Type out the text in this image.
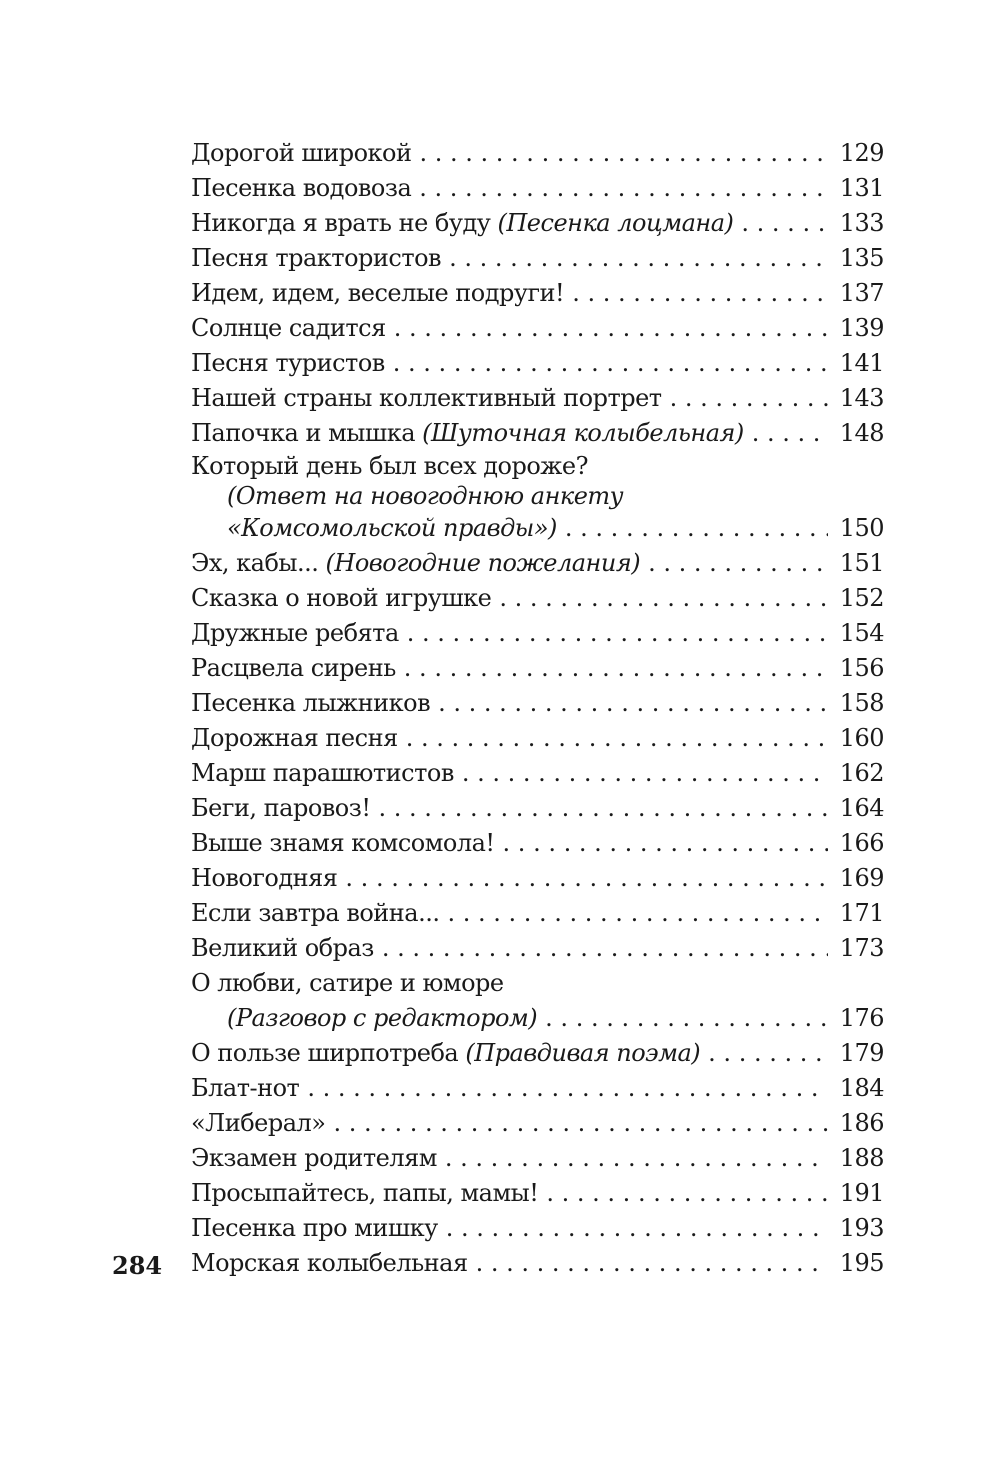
Дорогой широкой . . .	129
Песенка водовоза . . .	131
Никогда я врать не буду (Песенка лоцмана) . . .	133
Песня трактористов . . .	135
Идем, идем, веселые подруги! . . .	137
Солнце садится . . .	139
Песня туристов . . .	141
Нашей страны коллективный портрет . . .	143
Папочка и мышка (Шуточная колыбельная) . . .	148
Который день был всех дороже?
(Ответ на новогоднюю анкету
«Комсомольской правды») . . .	150
Эх, кабы... (Новогодние пожелания) . . .	151
Сказка о новой игрушке . . .	152
Дружные ребята . . .	154
Расцвела сирень . . .	156
Песенка лыжников . . .	158
Дорожная песня . . .	160
Марш парашютистов . . .	162
Беги, паровоз! . . .	164
Выше знамя комсомола! . . .	166
Новогодняя . . .	169
Если завтра война... . . .	171
Великий образ . . .	173
О любви, сатире и юморе
(Разговор с редактором) . . .	176
О пользе ширпотреба (Правдивая поэма) . . .	179
Блат-нот . . .	184
«Либерал» . . .	186
Экзамен родителям . . .	188
Просыпайтесь, папы, мамы! . . .	191
Песенка про мишку . . .	193
Морская колыбельная . . .	195
284
